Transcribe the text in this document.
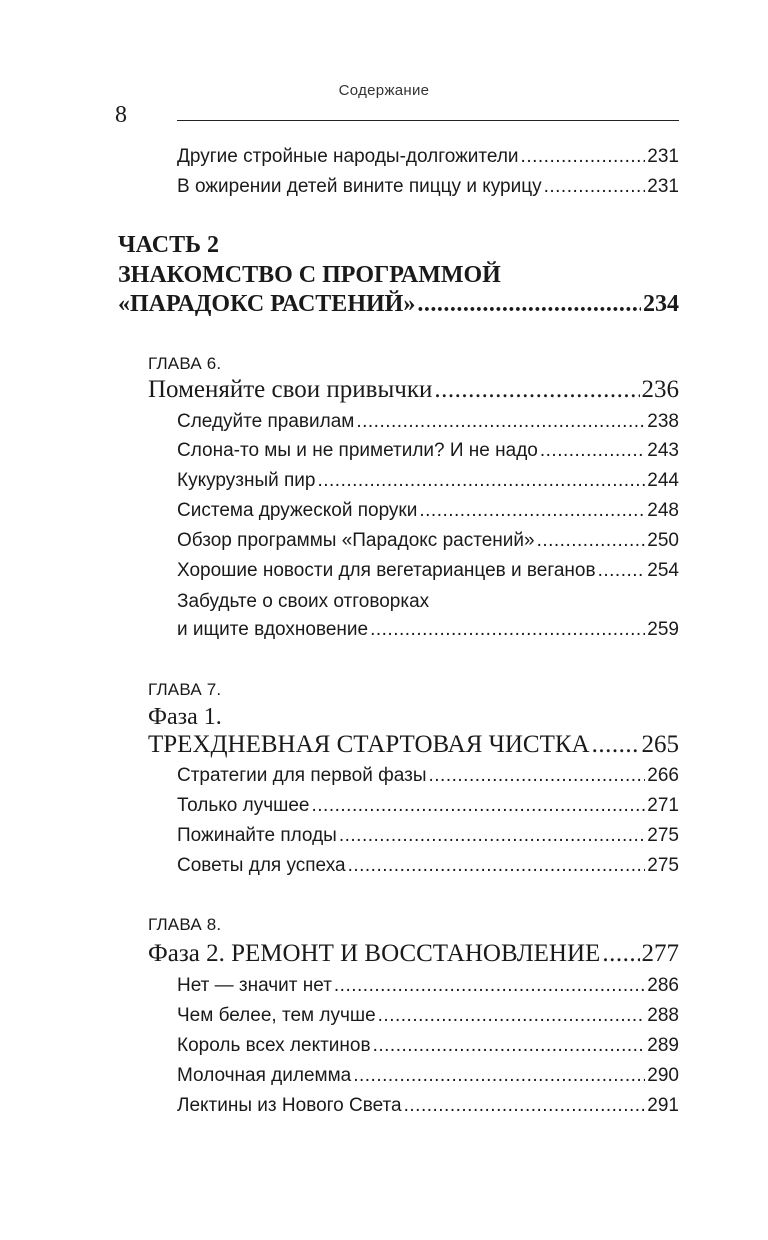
Содержание
8
Другие стройные народы-долгожители .....	231
В ожирении детей вините пиццу и курицу .....	231
ЧАСТЬ 2
ЗНАКОМСТВО С ПРОГРАММОЙ
«ПАРАДОКС РАСТЕНИЙ» .....	234
ГЛАВА 6.
Поменяйте свои привычки .....	236
Следуйте правилам .....	238
Слона-то мы и не приметили? И не надо .....	243
Кукурузный пир .....	244
Система дружеской поруки .....	248
Обзор программы «Парадокс растений» .....	250
Хорошие новости для вегетарианцев и веганов .....	254
Забудьте о своих отговорках
и ищите вдохновение .....	259
ГЛАВА 7.
Фаза 1.
ТРЕХДНЕВНАЯ СТАРТОВАЯ ЧИСТКА ..... 265
Стратегии для первой фазы .....	266
Только лучшее .....	271
Пожинайте плоды .....	275
Советы для успеха .....	275
ГЛАВА 8.
Фаза 2. РЕМОНТ И ВОССТАНОВЛЕНИЕ ..... 277
Нет — значит нет .....	286
Чем белее, тем лучше .....	288
Король всех лектинов .....	289
Молочная дилемма .....	290
Лектины из Нового Света .....	291
